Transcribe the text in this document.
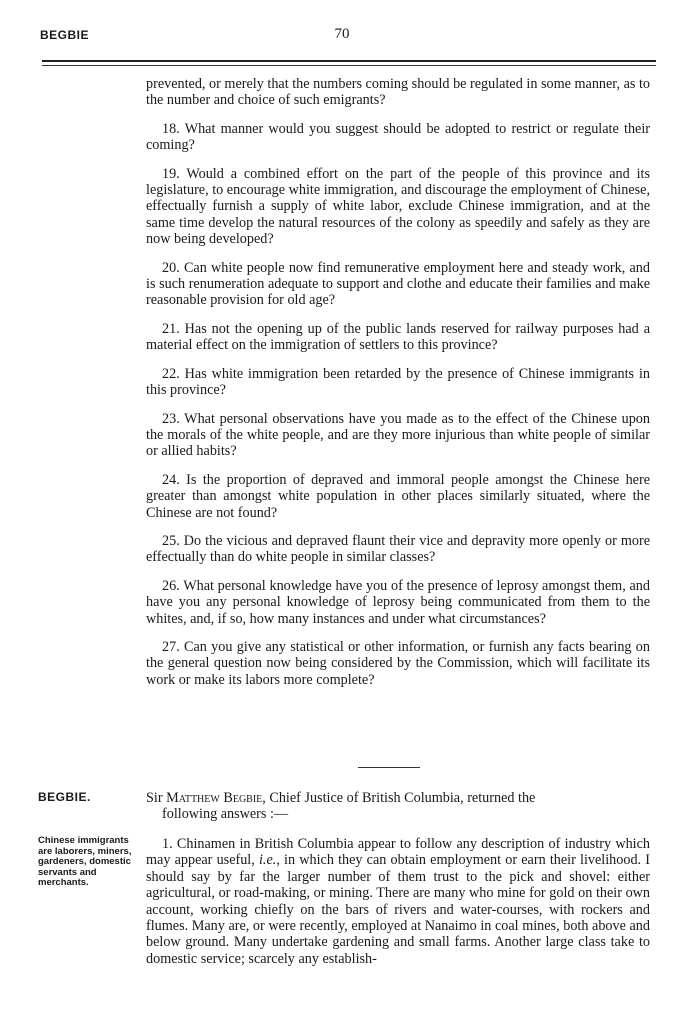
BEGBIE	70

prevented, or merely that the numbers coming should be regulated in some manner, as to the number and choice of such emigrants?

18. What manner would you suggest should be adopted to restrict or regulate their coming?

19. Would a combined effort on the part of the people of this province and its legislature, to encourage white immigration, and discourage the employment of Chinese, effectually furnish a supply of white labor, exclude Chinese immigration, and at the same time develop the natural resources of the colony as speedily and safely as they are now being developed?

20. Can white people now find remunerative employment here and steady work, and is such renumeration adequate to support and clothe and educate their families and make reasonable provision for old age?

21. Has not the opening up of the public lands reserved for railway purposes had a material effect on the immigration of settlers to this province?

22. Has white immigration been retarded by the presence of Chinese immigrants in this province?

23. What personal observations have you made as to the effect of the Chinese upon the morals of the white people, and are they more injurious than white people of similar or allied habits?

24. Is the proportion of depraved and immoral people amongst the Chinese here greater than amongst white population in other places similarly situated, where the Chinese are not found?

25. Do the vicious and depraved flaunt their vice and depravity more openly or more effectually than do white people in similar classes?

26. What personal knowledge have you of the presence of leprosy amongst them, and have you any personal knowledge of leprosy being communicated from them to the whites, and, if so, how many instances and under what circumstances?

27. Can you give any statistical or other information, or furnish any facts bearing on the general question now being considered by the Commission, which will facilitate its work or make its labors more complete?

BEGBIE.	Sir Matthew Begbie, Chief Justice of British Columbia, returned the
following answers :—
Chinese immigrants are laborers, miners, gardeners, domestic servants and merchants.
1. Chinamen in British Columbia appear to follow any description of industry which may appear useful, i.e., in which they can obtain employment or earn their livelihood. I should say by far the larger number of them trust to the pick and shovel: either agricultural, or road-making, or mining. There are many who mine for gold on their own account, working chiefly on the bars of rivers and water-courses, with rockers and flumes. Many are, or were recently, employed at Nanaimo in coal mines, both above and below ground. Many undertake gardening and small farms. Another large class take to domestic service; scarcely any establish-
